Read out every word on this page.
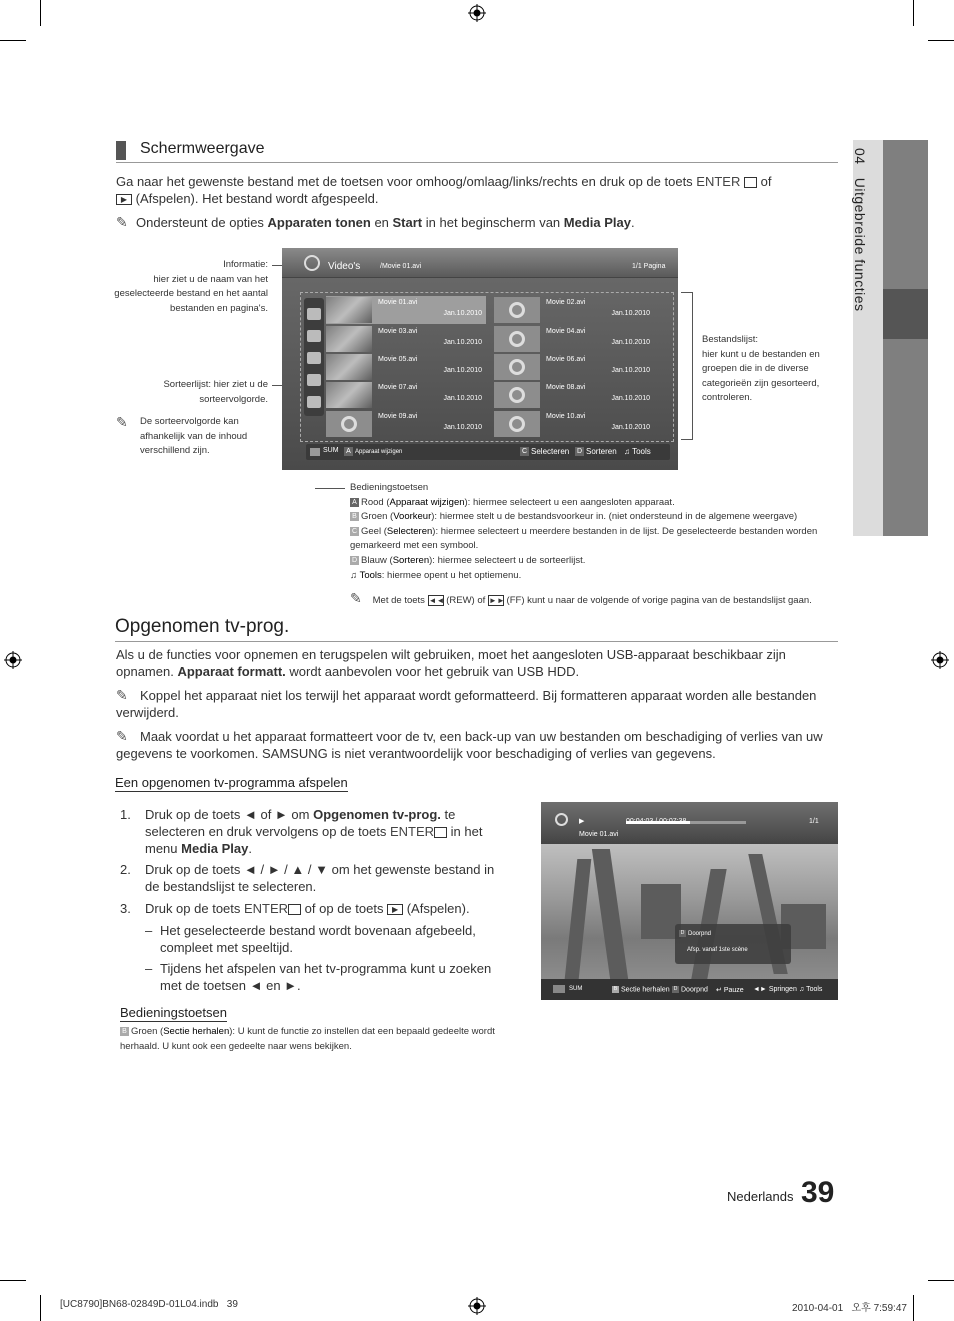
04   Uitgebreide functies
Schermweergave
Ga naar het gewenste bestand met de toetsen voor omhoog/omlaag/links/rechts en druk op de toets ENTER  of
▶ (Afspelen). Het bestand wordt afgespeeld.
✎ Ondersteunt de opties Apparaten tonen en Start in het beginscherm van Media Play.
Informatie:
hier ziet u de naam van het
geselecteerde bestand en het aantal
bestanden en pagina's.
Sorteerlijst: hier ziet u de
sorteervolgorde.
✎	De sorteervolgorde kan
afhankelijk van de inhoud
verschillend zijn.
Bestandslijst:
hier kunt u de bestanden en
groepen die in de diverse
categorieën zijn gesorteerd,
controleren.
Video's	/Movie 01.avi	1/1 Pagina
Movie 01.avi
Jan.10.2010
Movie 02.avi
Jan.10.2010
Movie 03.avi
Jan.10.2010
Movie 04.avi
Jan.10.2010
Movie 05.avi
Jan.10.2010
Movie 06.avi
Jan.10.2010
Movie 07.avi
Jan.10.2010
Movie 08.avi
Jan.10.2010
Movie 09.avi
Jan.10.2010
Movie 10.avi
Jan.10.2010
SUM	A Apparaat wijzigen	C Selecteren D Sorteren ♫ Tools
Bedieningstoetsen
A Rood (Apparaat wijzigen): hiermee selecteert u een aangesloten apparaat.
B Groen (Voorkeur): hiermee stelt u de bestandsvoorkeur in. (niet ondersteund in de algemene weergave)
C Geel (Selecteren): hiermee selecteert u meerdere bestanden in de lijst. De geselecteerde bestanden worden
gemarkeerd met een symbool.
D Blauw (Sorteren): hiermee selecteert u de sorteerlijst.
♫ Tools: hiermee opent u het optiemenu.
✎ Met de toets ◄◄ (REW) of ►► (FF) kunt u naar de volgende of vorige pagina van de bestandslijst gaan.
Opgenomen tv-prog.
Als u de functies voor opnemen en terugspelen wilt gebruiken, moet het aangesloten USB-apparaat beschikbaar zijn
opnamen. Apparaat formatt. wordt aanbevolen voor het gebruik van USB HDD.
✎ Koppel het apparaat niet los terwijl het apparaat wordt geformatteerd. Bij formatteren apparaat worden alle bestanden
verwijderd.
✎ Maak voordat u het apparaat formatteert voor de tv, een back-up van uw bestanden om beschadiging of verlies van uw
gegevens te voorkomen. SAMSUNG is niet verantwoordelijk voor beschadiging of verlies van gegevens.
Een opgenomen tv-programma afspelen
1. Druk op de toets ◄ of ► om Opgenomen tv-prog. te
selecteren en druk vervolgens op de toets ENTER in het
menu Media Play.
2. Druk op de toets ◄ / ► / ▲ / ▼ om het gewenste bestand in
de bestandslijst te selecteren.
3. Druk op de toets ENTER of op de toets ▶ (Afspelen).
– Het geselecteerde bestand wordt bovenaan afgebeeld,
compleet met speeltijd.
– Tijdens het afspelen van het tv-programma kunt u zoeken
met de toetsen ◄ en ►.
Bedieningstoetsen
B Groen (Sectie herhalen): U kunt de functie zo instellen dat een bepaald gedeelte wordt
herhaald. U kunt ook een gedeelte naar wens bekijken.
▶	00:04:03 / 00:07:38	1/1
Movie 01.avi
D Doorpnd
Afsp. vanaf 1ste scène
SUM	B Sectie herhalen D Doorpnd ↵ Pauze ◄► Springen ♫ Tools
Nederlands 39
[UC8790]BN68-02849D-01L04.indb   39	2010-04-01   오후 7:59:47
